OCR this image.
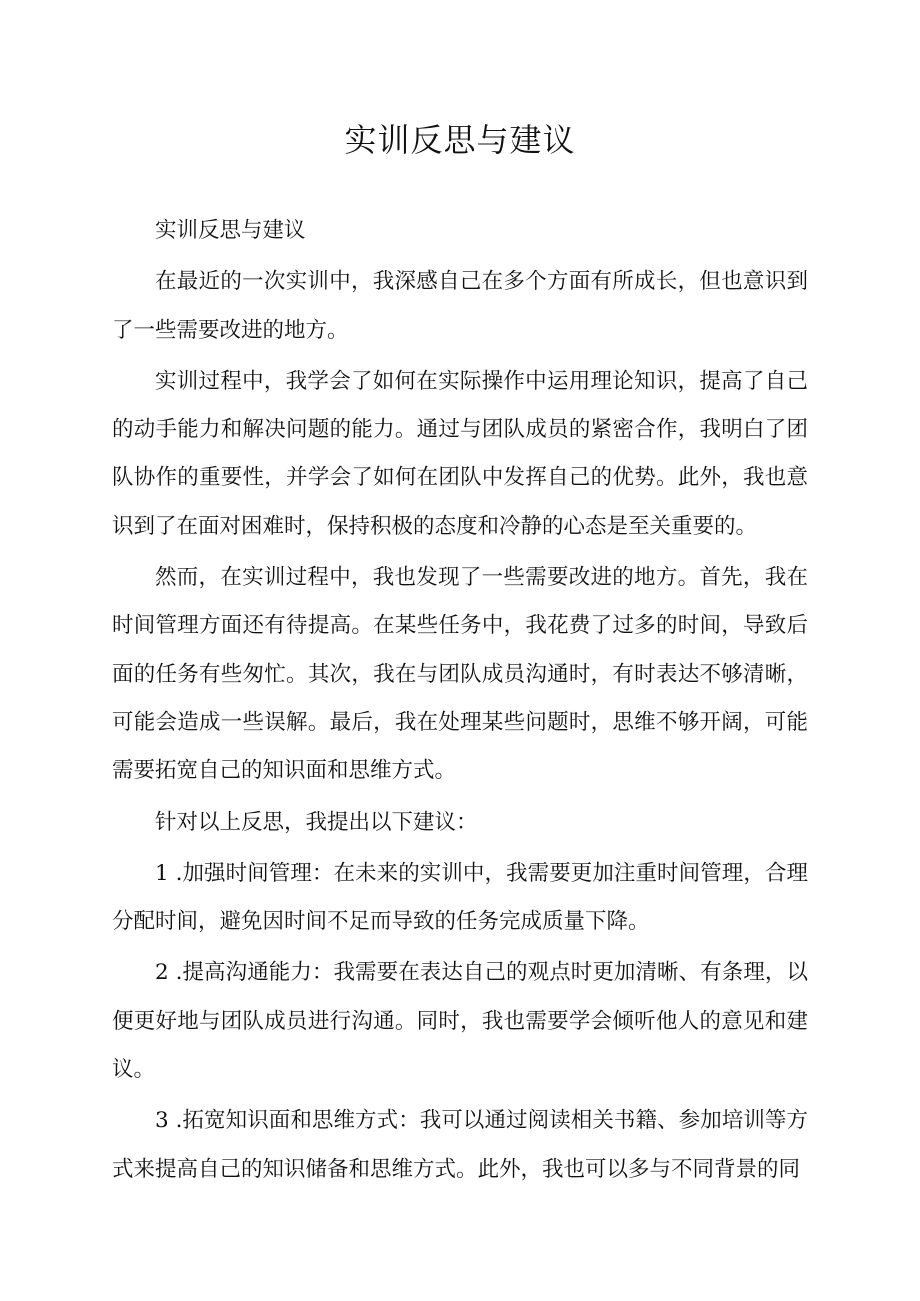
实训反思与建议

实训反思与建议

在最近的一次实训中，我深感自己在多个方面有所成长，但也意识到了一些需要改进的地方。

实训过程中，我学会了如何在实际操作中运用理论知识，提高了自己的动手能力和解决问题的能力。通过与团队成员的紧密合作，我明白了团队协作的重要性，并学会了如何在团队中发挥自己的优势。此外，我也意识到了在面对困难时，保持积极的态度和冷静的心态是至关重要的。

然而，在实训过程中，我也发现了一些需要改进的地方。首先，我在时间管理方面还有待提高。在某些任务中，我花费了过多的时间，导致后面的任务有些匆忙。其次，我在与团队成员沟通时，有时表达不够清晰，可能会造成一些误解。最后，我在处理某些问题时，思维不够开阔，可能需要拓宽自己的知识面和思维方式。

针对以上反思，我提出以下建议：

1 .加强时间管理：在未来的实训中，我需要更加注重时间管理，合理分配时间，避免因时间不足而导致的任务完成质量下降。

2 .提高沟通能力：我需要在表达自己的观点时更加清晰、有条理，以便更好地与团队成员进行沟通。同时，我也需要学会倾听他人的意见和建议。

3 .拓宽知识面和思维方式：我可以通过阅读相关书籍、参加培训等方式来提高自己的知识储备和思维方式。此外，我也可以多与不同背景的同
